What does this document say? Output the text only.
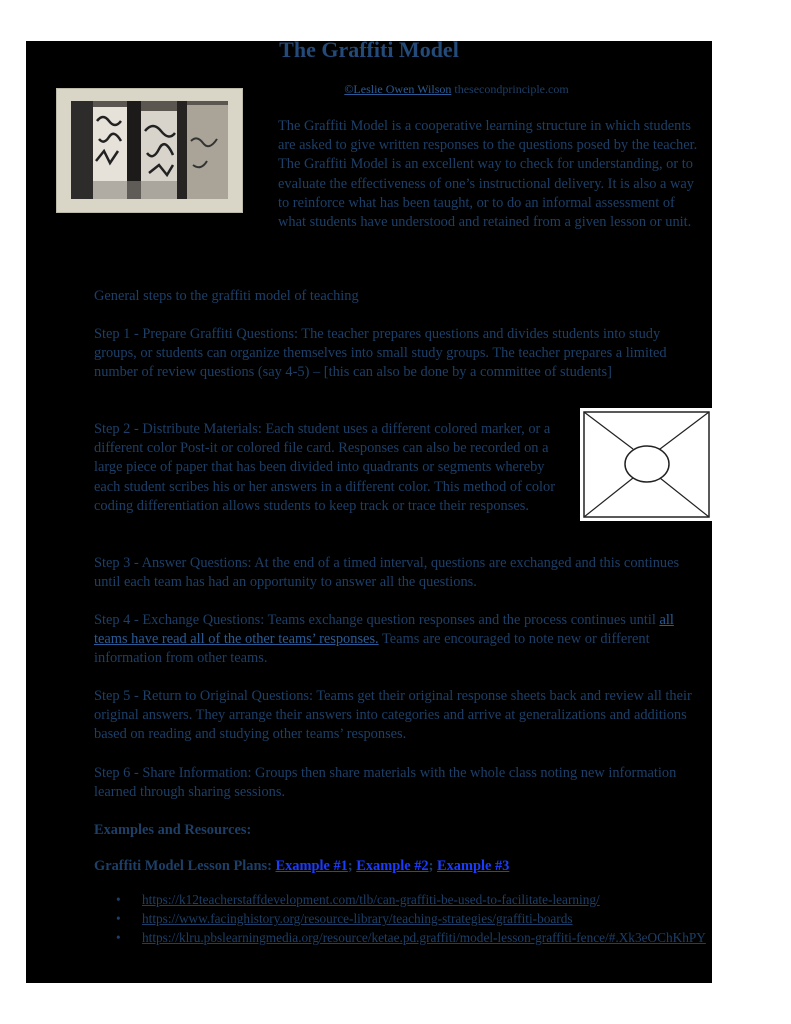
The Graffiti Model
©Leslie Owen Wilson thesecondprinciple.com
The Graffiti Model is a cooperative learning structure in which students are asked to give written responses to the questions posed by the teacher. The Graffiti Model is an excellent way to check for understanding, or to evaluate the effectiveness of one’s instructional delivery. It is also a way to reinforce what has been taught, or to do an informal assessment of what students have understood and retained from a given lesson or unit.
General steps to the graffiti model of teaching
Step 1 - Prepare Graffiti Questions: The teacher prepares questions and divides students into study groups, or students can organize themselves into small study groups. The teacher prepares a limited number of review questions (say 4-5) – [this can also be done by a committee of students]
Step 2 - Distribute Materials: Each student uses a different colored marker, or a different color Post-it or colored file card. Responses can also be recorded on a large piece of paper that has been divided into quadrants or segments whereby each student scribes his or her answers in a different color. This method of color coding differentiation allows students to keep track or trace their responses.
Step 3 - Answer Questions: At the end of a timed interval, questions are exchanged and this continues until each team has had an opportunity to answer all the questions.
Step 4 - Exchange Questions: Teams exchange question responses and the process continues until all teams have read all of the other teams’ responses. Teams are encouraged to note new or different information from other teams.
Step 5 - Return to Original Questions: Teams get their original response sheets back and review all their original answers. They arrange their answers into categories and arrive at generalizations and additions based on reading and studying other teams’ responses.
Step 6 - Share Information: Groups then share materials with the whole class noting new information learned through sharing sessions.
Examples and Resources:
Graffiti Model Lesson Plans: Example #1; Example #2; Example #3
• https://k12teacherstaffdevelopment.com/tlb/can-graffiti-be-used-to-facilitate-learning/
• https://www.facinghistory.org/resource-library/teaching-strategies/graffiti-boards
• https://klru.pbslearningmedia.org/resource/ketae.pd.graffiti/model-lesson-graffiti-fence/#.Xk3eOChKhPY
